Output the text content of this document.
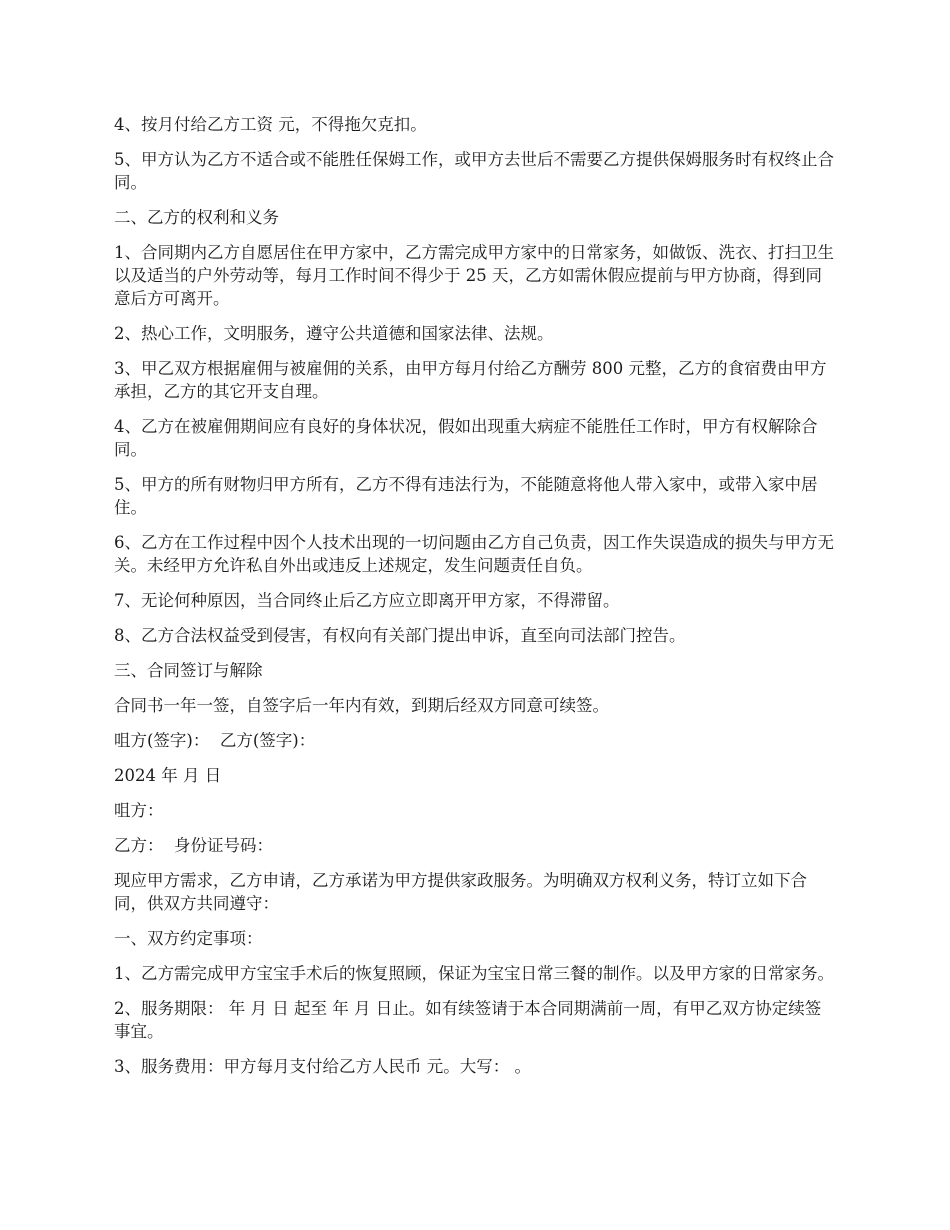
4、按月付给乙方工资 元，不得拖欠克扣。

5、甲方认为乙方不适合或不能胜任保姆工作，或甲方去世后不需要乙方提供保姆服务时有权终止合同。

二、乙方的权利和义务

1、合同期内乙方自愿居住在甲方家中，乙方需完成甲方家中的日常家务，如做饭、洗衣、打扫卫生以及适当的户外劳动等，每月工作时间不得少于 25 天，乙方如需休假应提前与甲方协商，得到同意后方可离开。

2、热心工作，文明服务，遵守公共道德和国家法律、法规。

3、甲乙双方根据雇佣与被雇佣的关系，由甲方每月付给乙方酬劳 800 元整，乙方的食宿费由甲方承担，乙方的其它开支自理。

4、乙方在被雇佣期间应有良好的身体状况，假如出现重大病症不能胜任工作时，甲方有权解除合同。

5、甲方的所有财物归甲方所有，乙方不得有违法行为，不能随意将他人带入家中，或带入家中居住。

6、乙方在工作过程中因个人技术出现的一切问题由乙方自己负责，因工作失误造成的损失与甲方无关。未经甲方允许私自外出或违反上述规定，发生问题责任自负。

7、无论何种原因，当合同终止后乙方应立即离开甲方家，不得滞留。

8、乙方合法权益受到侵害，有权向有关部门提出申诉，直至向司法部门控告。

三、合同签订与解除

合同书一年一签，自签字后一年内有效，到期后经双方同意可续签。

咀方(签字)：  乙方(签字)：

2024 年 月 日

咀方：

乙方：  身份证号码：

现应甲方需求，乙方申请，乙方承诺为甲方提供家政服务。为明确双方权利义务，特订立如下合同，供双方共同遵守：

一、双方约定事项：

1、乙方需完成甲方宝宝手术后的恢复照顾，保证为宝宝日常三餐的制作。以及甲方家的日常家务。

2、服务期限： 年 月 日 起至 年 月 日止。如有续签请于本合同期满前一周，有甲乙双方协定续签事宜。

3、服务费用：甲方每月支付给乙方人民币 元。大写： 。
